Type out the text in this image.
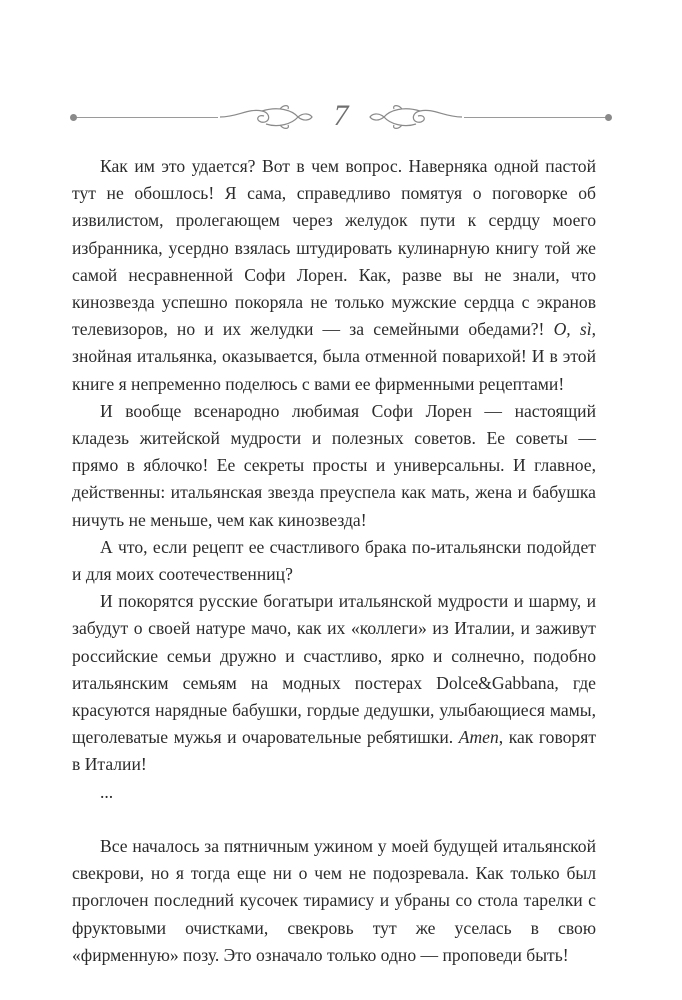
7

Как им это удается? Вот в чем вопрос. Наверняка одной пастой тут не обошлось! Я сама, справедливо помятуя о поговорке об извилистом, пролегающем через желудок пути к сердцу моего избранника, усердно взялась штудировать кулинарную книгу той же самой несравненной Софи Лорен. Как, разве вы не знали, что кинозвезда успешно покоряла не только мужские сердца с экранов телевизоров, но и их желудки — за семейными обедами?! O, sì, знойная итальянка, оказывается, была отменной поварихой! И в этой книге я непременно поделюсь с вами ее фирменными рецептами!

И вообще всенародно любимая Софи Лорен — настоящий кладезь житейской мудрости и полезных советов. Ее советы — прямо в яблочко! Ее секреты просты и универсальны. И главное, действенны: итальянская звезда преуспела как мать, жена и бабушка ничуть не меньше, чем как кинозвезда!

А что, если рецепт ее счастливого брака по-итальянски подойдет и для моих соотечественниц?

И покорятся русские богатыри итальянской мудрости и шарму, и забудут о своей натуре мачо, как их «коллеги» из Италии, и заживут российские семьи дружно и счастливо, ярко и солнечно, подобно итальянским семьям на модных постерах Dolce&Gabbana, где красуются нарядные бабушки, гордые дедушки, улыбающиеся мамы, щеголеватые мужья и очаровательные ребятишки. Amen, как говорят в Италии!

...

Все началось за пятничным ужином у моей будущей итальянской свекрови, но я тогда еще ни о чем не подозревала. Как только был проглочен последний кусочек тирамису и убраны со стола тарелки с фруктовыми очистками, свекровь тут же уселась в свою «фирменную» позу. Это означало только одно — проповеди быть!
